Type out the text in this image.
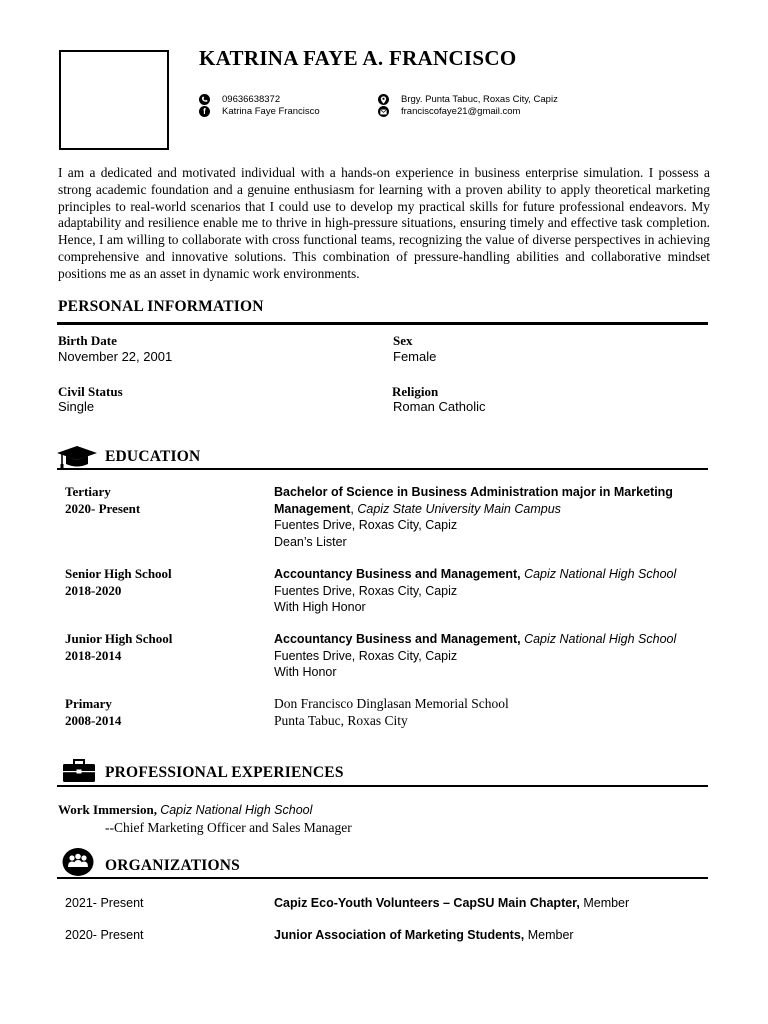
KATRINA FAYE A. FRANCISCO
09636638372
f Katrina Faye Francisco
Brgy. Punta Tabuc, Roxas City, Capiz
franciscofaye21@gmail.com
I am a dedicated and motivated individual with a hands-on experience in business enterprise simulation. I possess a strong academic foundation and a genuine enthusiasm for learning with a proven ability to apply theoretical marketing principles to real-world scenarios that I could use to develop my practical skills for future professional endeavors. My adaptability and resilience enable me to thrive in high-pressure situations, ensuring timely and effective task completion. Hence, I am willing to collaborate with cross functional teams, recognizing the value of diverse perspectives in achieving comprehensive and innovative solutions. This combination of pressure-handling abilities and collaborative mindset positions me as an asset in dynamic work environments.
PERSONAL INFORMATION
Birth Date
November 22, 2001
Sex
Female
Civil Status
Single
Religion
Roman Catholic
EDUCATION
Tertiary
2020- Present
Bachelor of Science in Business Administration major in Marketing Management, Capiz State University Main Campus
Fuentes Drive, Roxas City, Capiz
Dean’s Lister
Senior High School
2018-2020
Accountancy Business and Management, Capiz National High School
Fuentes Drive, Roxas City, Capiz
With High Honor
Junior High School
2018-2014
Accountancy Business and Management, Capiz National High School
Fuentes Drive, Roxas City, Capiz
With Honor
Primary
2008-2014
Don Francisco Dinglasan Memorial School
Punta Tabuc, Roxas City
PROFESSIONAL EXPERIENCES
Work Immersion, Capiz National High School
--Chief Marketing Officer and Sales Manager
ORGANIZATIONS
2021- Present	Capiz Eco-Youth Volunteers – CapSU Main Chapter, Member
2020- Present	Junior Association of Marketing Students, Member
